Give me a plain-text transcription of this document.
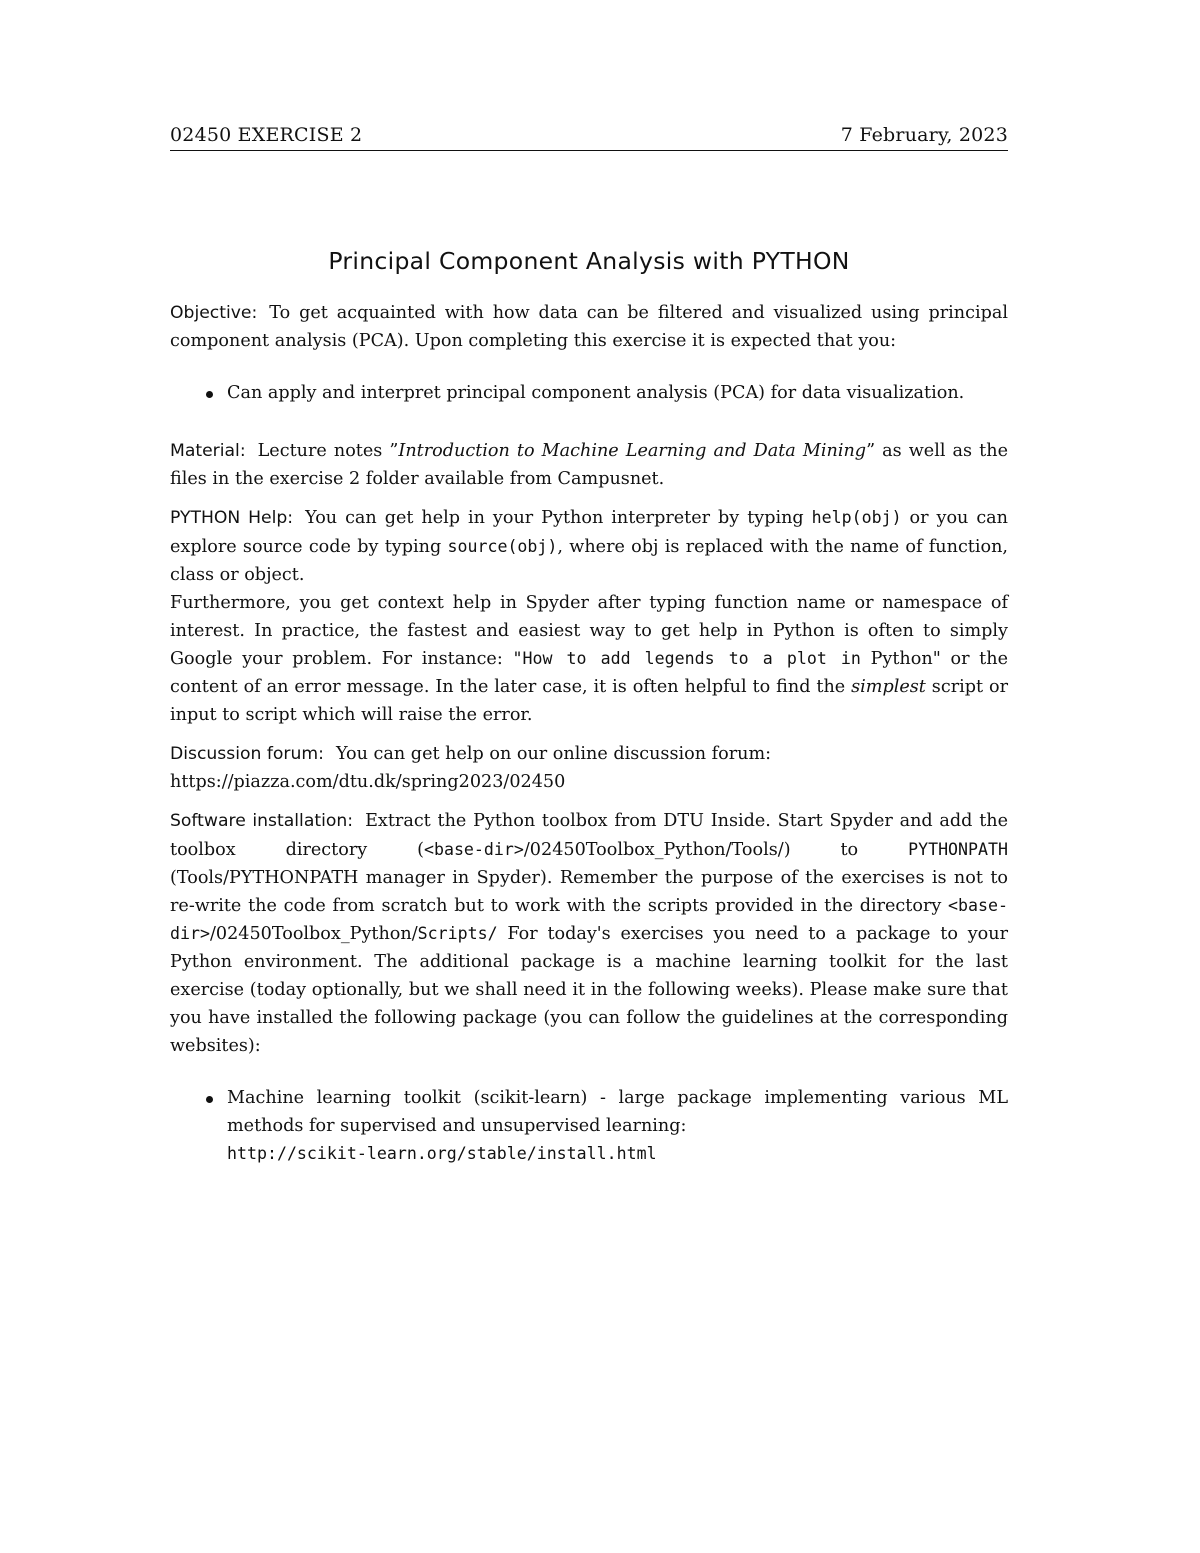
02450 EXERCISE 2	7 February, 2023
Principal Component Analysis with PYTHON

Objective: To get acquainted with how data can be filtered and visualized using principal component analysis (PCA). Upon completing this exercise it is expected that you:

Can apply and interpret principal component analysis (PCA) for data visualization.

Material: Lecture notes ”Introduction to Machine Learning and Data Mining” as well as the files in the exercise 2 folder available from Campusnet.

PYTHON Help: You can get help in your Python interpreter by typing help(obj) or you can explore source code by typing source(obj), where obj is replaced with the name of function, class or object.

Furthermore, you get context help in Spyder after typing function name or namespace of interest. In practice, the fastest and easiest way to get help in Python is often to simply Google your problem. For instance: "How to add legends to a plot in Python" or the content of an error message. In the later case, it is often helpful to find the simplest script or input to script which will raise the error.

Discussion forum: You can get help on our online discussion forum:
https://piazza.com/dtu.dk/spring2023/02450

Software installation: Extract the Python toolbox from DTU Inside. Start Spyder and add the toolbox directory (<base-dir>/02450Toolbox_Python/Tools/) to PYTHONPATH (Tools/PYTHONPATH manager in Spyder). Remember the purpose of the exercises is not to re-write the code from scratch but to work with the scripts provided in the directory <base-dir>/02450Toolbox_Python/Scripts/ For today's exercises you need to a package to your Python environment. The additional package is a machine learning toolkit for the last exercise (today optionally, but we shall need it in the following weeks). Please make sure that you have installed the following package (you can follow the guidelines at the corresponding websites):

Machine learning toolkit (scikit-learn) - large package implementing various ML methods for supervised and unsupervised learning:
http://scikit-learn.org/stable/install.html
